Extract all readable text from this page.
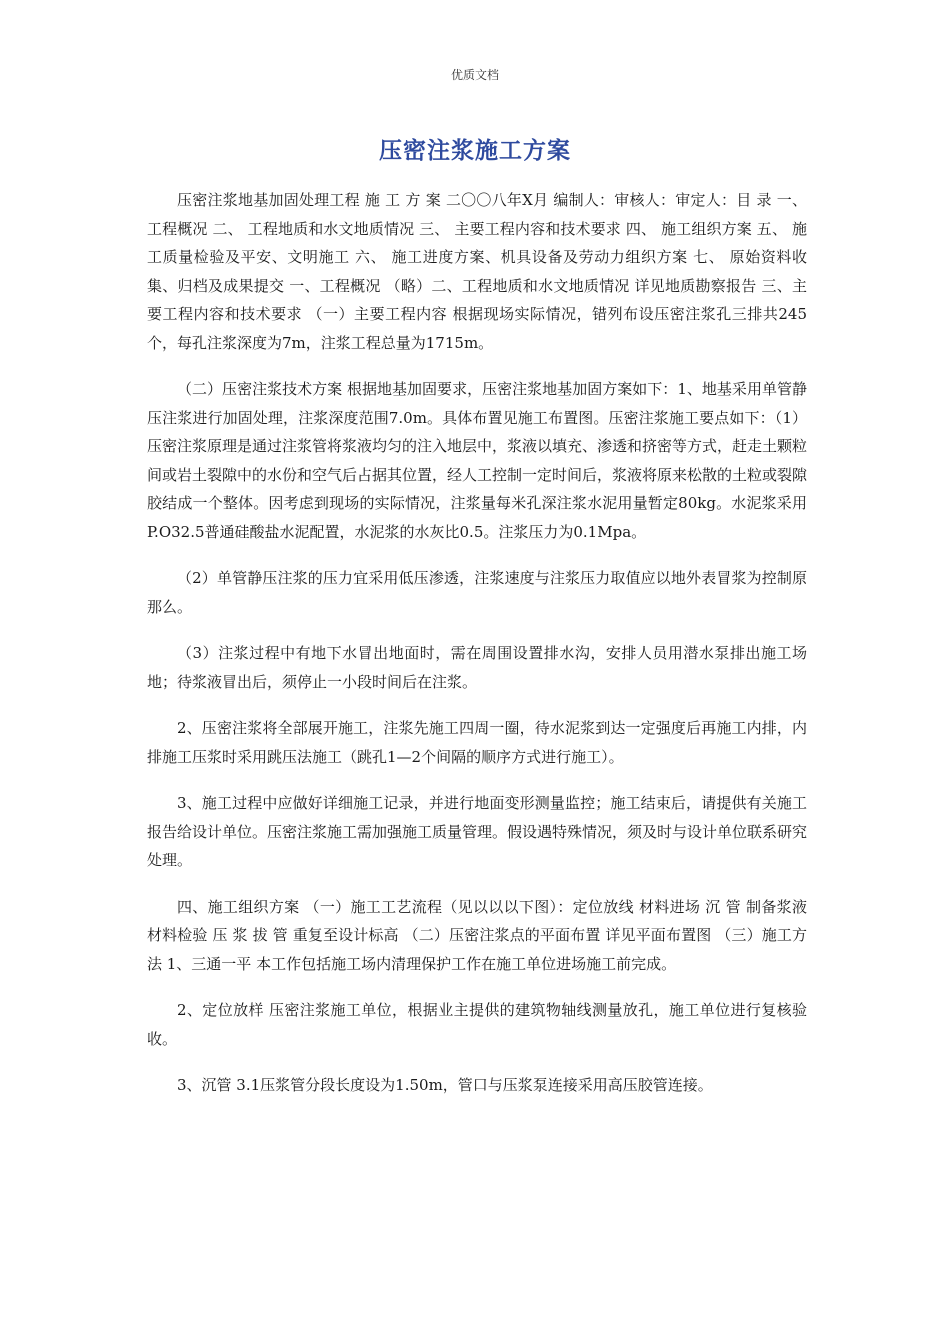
优质文档
压密注浆施工方案

压密注浆地基加固处理工程 施 工 方 案 二〇〇八年X月 编制人：审核人：审定人：目 录 一、 工程概况 二、 工程地质和水文地质情况 三、 主要工程内容和技术要求 四、 施工组织方案 五、 施工质量检验及平安、文明施工 六、 施工进度方案、机具设备及劳动力组织方案 七、 原始资料收集、归档及成果提交 一、工程概况 （略）二、工程地质和水文地质情况 详见地质勘察报告 三、主要工程内容和技术要求 （一）主要工程内容 根据现场实际情况，错列布设压密注浆孔三排共245个，每孔注浆深度为7m，注浆工程总量为1715m。

（二）压密注浆技术方案 根据地基加固要求，压密注浆地基加固方案如下：1、地基采用单管静压注浆进行加固处理，注浆深度范围7.0m。具体布置见施工布置图。压密注浆施工要点如下：（1）压密注浆原理是通过注浆管将浆液均匀的注入地层中，浆液以填充、渗透和挤密等方式，赶走土颗粒间或岩土裂隙中的水份和空气后占据其位置，经人工控制一定时间后，浆液将原来松散的土粒或裂隙胶结成一个整体。因考虑到现场的实际情况，注浆量每米孔深注浆水泥用量暂定80kg。水泥浆采用P.O32.5普通硅酸盐水泥配置，水泥浆的水灰比0.5。注浆压力为0.1Mpa。

（2）单管静压注浆的压力宜采用低压渗透，注浆速度与注浆压力取值应以地外表冒浆为控制原那么。

（3）注浆过程中有地下水冒出地面时，需在周围设置排水沟，安排人员用潜水泵排出施工场地；待浆液冒出后，须停止一小段时间后在注浆。

2、压密注浆将全部展开施工，注浆先施工四周一圈，待水泥浆到达一定强度后再施工内排，内排施工压浆时采用跳压法施工（跳孔1—2个间隔的顺序方式进行施工）。

3、施工过程中应做好详细施工记录，并进行地面变形测量监控；施工结束后，请提供有关施工报告给设计单位。压密注浆施工需加强施工质量管理。假设遇特殊情况，须及时与设计单位联系研究处理。

四、施工组织方案 （一）施工工艺流程（见以以以下图）：定位放线 材料进场 沉 管 制备浆液 材料检验 压 浆 拔 管 重复至设计标高 （二）压密注浆点的平面布置 详见平面布置图 （三）施工方法 1、三通一平 本工作包括施工场内清理保护工作在施工单位进场施工前完成。

2、定位放样 压密注浆施工单位，根据业主提供的建筑物轴线测量放孔，施工单位进行复核验收。

3、沉管 3.1压浆管分段长度设为1.50m，管口与压浆泵连接采用高压胶管连接。
